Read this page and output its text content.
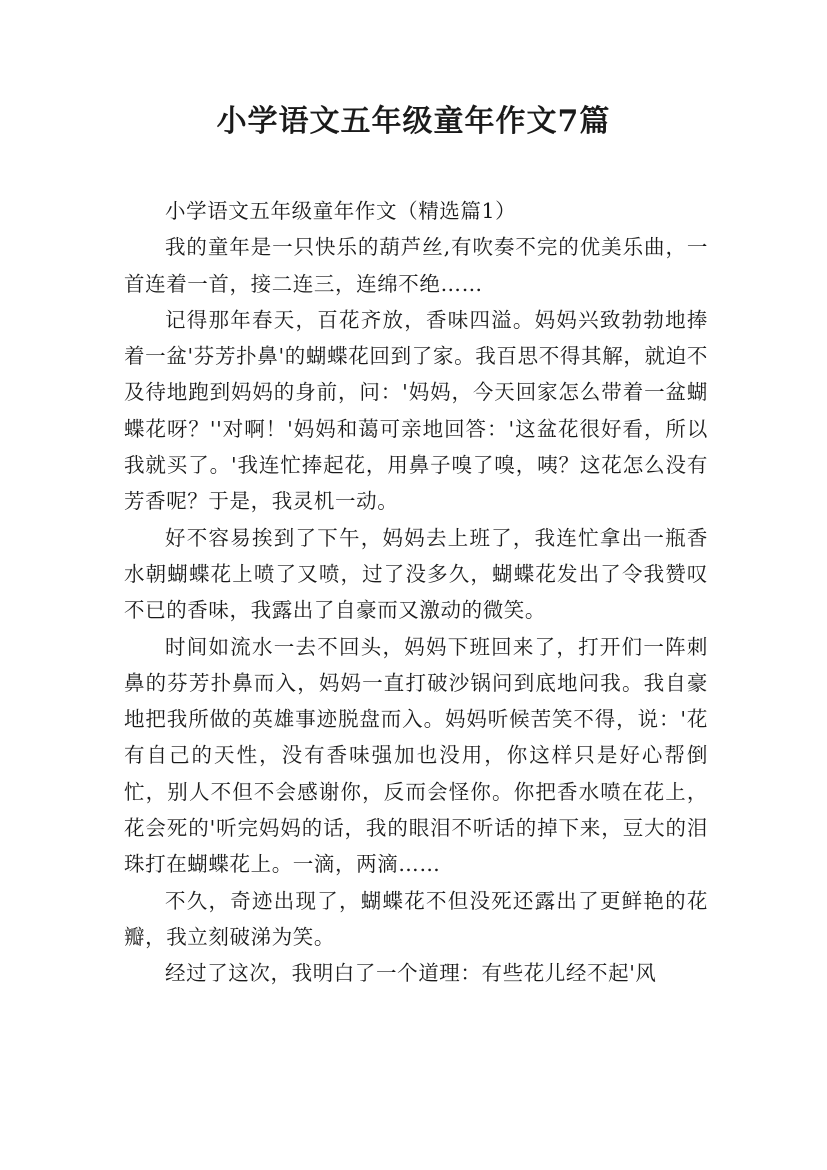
小学语文五年级童年作文7篇

小学语文五年级童年作文（精选篇1）

我的童年是一只快乐的葫芦丝,有吹奏不完的优美乐曲，一首连着一首，接二连三，连绵不绝……

记得那年春天，百花齐放，香味四溢。妈妈兴致勃勃地捧着一盆'芬芳扑鼻'的蝴蝶花回到了家。我百思不得其解，就迫不及待地跑到妈妈的身前，问：'妈妈，今天回家怎么带着一盆蝴蝶花呀？''对啊！'妈妈和蔼可亲地回答：'这盆花很好看，所以我就买了。'我连忙捧起花，用鼻子嗅了嗅，咦？这花怎么没有芳香呢？于是，我灵机一动。

好不容易挨到了下午，妈妈去上班了，我连忙拿出一瓶香水朝蝴蝶花上喷了又喷，过了没多久，蝴蝶花发出了令我赞叹不已的香味，我露出了自豪而又激动的微笑。

时间如流水一去不回头，妈妈下班回来了，打开们一阵刺鼻的芬芳扑鼻而入，妈妈一直打破沙锅问到底地问我。我自豪地把我所做的英雄事迹脱盘而入。妈妈听候苦笑不得，说：'花有自己的天性，没有香味强加也没用，你这样只是好心帮倒忙，别人不但不会感谢你，反而会怪你。你把香水喷在花上，花会死的'听完妈妈的话，我的眼泪不听话的掉下来，豆大的泪珠打在蝴蝶花上。一滴，两滴……

不久，奇迹出现了，蝴蝶花不但没死还露出了更鲜艳的花瓣，我立刻破涕为笑。

经过了这次，我明白了一个道理：有些花儿经不起'风
